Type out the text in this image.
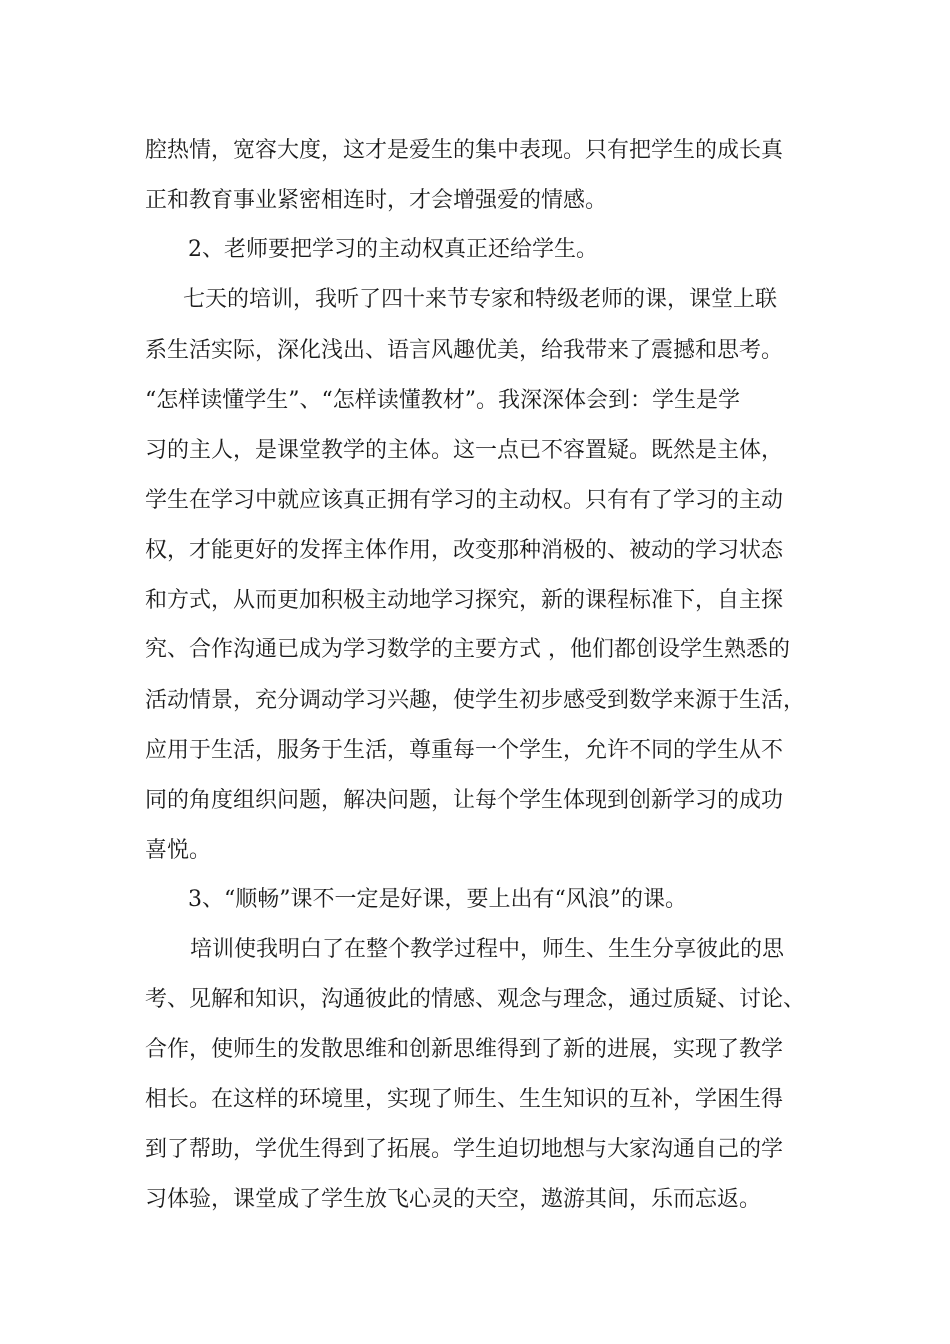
腔热情，宽容大度，这才是爱生的集中表现。只有把学生的成长真

正和教育事业紧密相连时，才会增强爱的情感。

2、老师要把学习的主动权真正还给学生。

七天的培训，我听了四十来节专家和特级老师的课，课堂上联

系生活实际，深化浅出、语言风趣优美，给我带来了震撼和思考。

“怎样读懂学生”、“怎样读懂教材”。我深深体会到：学生是学

习的主人，是课堂教学的主体。这一点已不容置疑。既然是主体，

学生在学习中就应该真正拥有学习的主动权。只有有了学习的主动

权，才能更好的发挥主体作用，改变那种消极的、被动的学习状态

和方式，从而更加积极主动地学习探究，新的课程标准下，自主探

究、合作沟通已成为学习数学的主要方式 ，他们都创设学生熟悉的

活动情景，充分调动学习兴趣，使学生初步感受到数学来源于生活，

应用于生活，服务于生活，尊重每一个学生，允许不同的学生从不

同的角度组织问题，解决问题，让每个学生体现到创新学习的成功

喜悦。

3、“顺畅”课不一定是好课，要上出有“风浪”的课。

培训使我明白了在整个教学过程中，师生、生生分享彼此的思

考、见解和知识，沟通彼此的情感、观念与理念，通过质疑、讨论、

合作，使师生的发散思维和创新思维得到了新的进展，实现了教学

相长。在这样的环境里，实现了师生、生生知识的互补，学困生得

到了帮助，学优生得到了拓展。学生迫切地想与大家沟通自己的学

习体验，课堂成了学生放飞心灵的天空，遨游其间，乐而忘返。
